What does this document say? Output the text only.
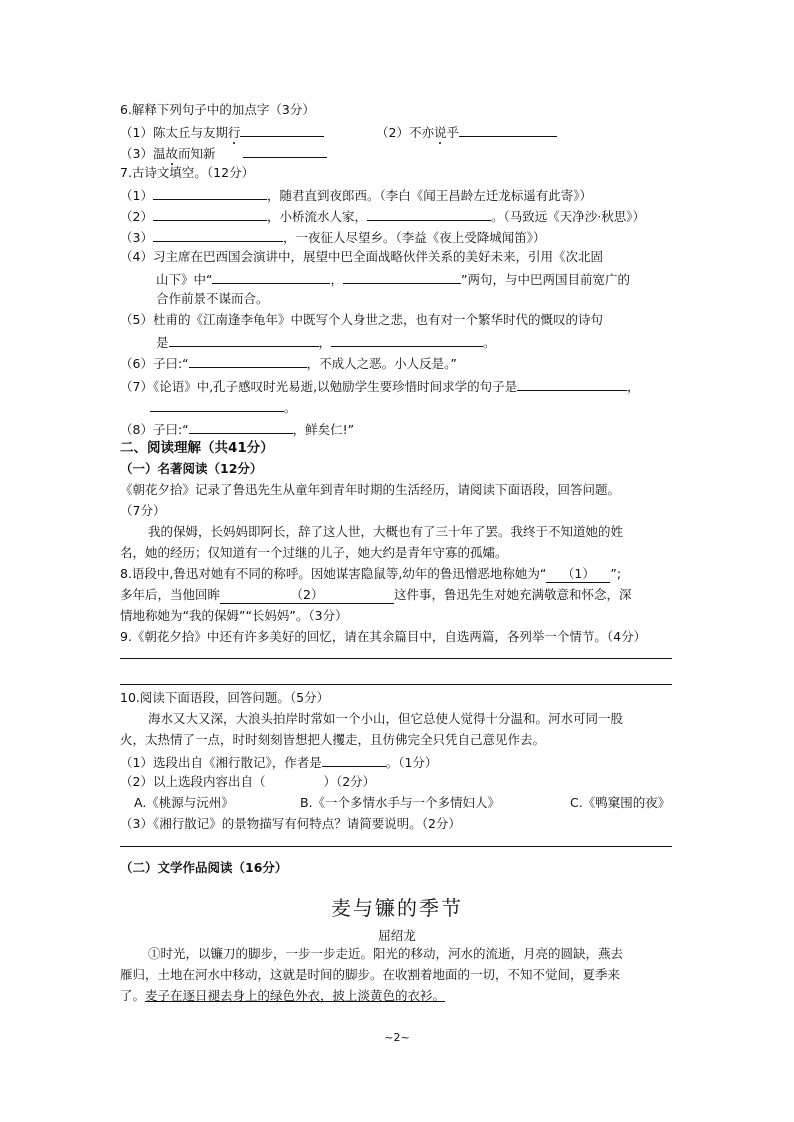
6.解释下列句子中的加点字（3分）
（1）陈太丘与友期行	（2）不亦说乎
（3）温故而知新
7.古诗文填空。（12分）
（1）	，随君直到夜郎西。（李白《闻王昌龄左迁龙标遥有此寄》）
（2）	，小桥流水人家，	。（马致远《天净沙·秋思》）
（3）	，一夜征人尽望乡。（李益《夜上受降城闻笛》）
（4）习主席在巴西国会演讲中，展望中巴全面战略伙伴关系的美好未来，引用《次北固
山下》中“	，	”两句，与中巴两国目前宽广的
合作前景不谋而合。
（5）杜甫的《江南逢李龟年》中既写个人身世之悲，也有对一个繁华时代的慨叹的诗句
是	，	。
（6）子曰:“	，不成人之恶。小人反是。”
（7）《论语》中,孔子感叹时光易逝,以勉励学生要珍惜时间求学的句子是	，
。
（8）子曰:“	，鲜矣仁!”
二、阅读理解（共41分）
（一）名著阅读（12分）
《朝花夕拾》记录了鲁迅先生从童年到青年时期的生活经历，请阅读下面语段，回答问题。
（7分）
我的保姆，长妈妈即阿长，辞了这人世，大概也有了三十年了罢。我终于不知道她的姓
名，她的经历；仅知道有一个过继的儿子，她大约是青年守寡的孤孀。
8.语段中,鲁迅对她有不同的称呼。因她谋害隐鼠等,幼年的鲁迅憎恶地称她为“ （1） ”;
多年后，当他回眸	（2）	这件事，鲁迅先生对她充满敬意和怀念，深
情地称她为“我的保姆”“长妈妈”。（3分）
9.《朝花夕拾》中还有许多美好的回忆，请在其余篇目中，自选两篇，各列举一个情节。（4分）
10.阅读下面语段，回答问题。（5分）
海水又大又深，大浪头拍岸时常如一个小山，但它总使人觉得十分温和。河水可同一股
火，太热情了一点，时时刻刻皆想把人攫走，且仿佛完全只凭自己意见作去。
（1）选段出自《湘行散记》，作者是	。（1分）
（2）以上选段内容出自（	）（2分）
A.《桃源与沅州》	B.《一个多情水手与一个多情妇人》	C.《鸭窠围的夜》
（3）《湘行散记》的景物描写有何特点？请简要说明。（2分）
（二）文学作品阅读（16分）
麦与镰的季节
屈绍龙
①时光，以镰刀的脚步，一步一步走近。阳光的移动，河水的流逝，月亮的圆缺，燕去
雁归，土地在河水中移动，这就是时间的脚步。在收割着地面的一切，不知不觉间，夏季来
了。麦子在逐日褪去身上的绿色外衣，披上淡黄色的衣衫。
~2~
